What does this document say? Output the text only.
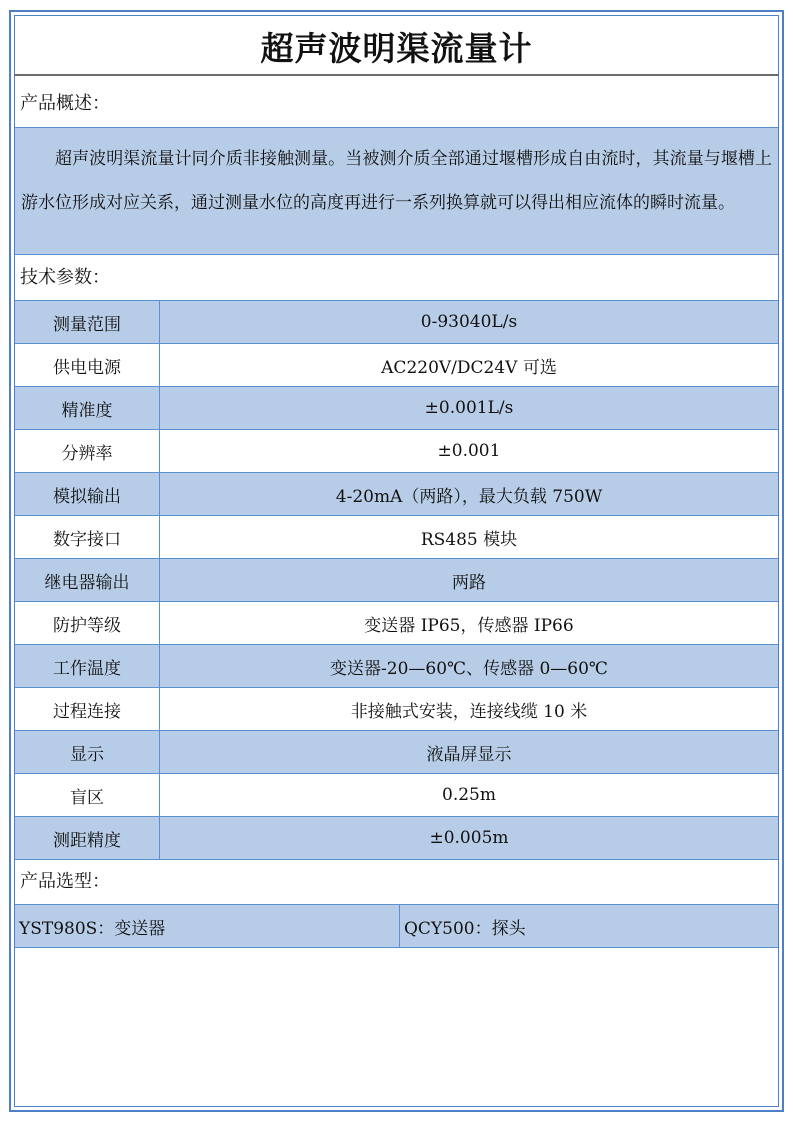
超声波明渠流量计
产品概述：
超声波明渠流量计同介质非接触测量。当被测介质全部通过堰槽形成自由流时，其流量与堰槽上游水位形成对应关系，通过测量水位的高度再进行一系列换算就可以得出相应流体的瞬时流量。
技术参数：
测量范围	0-93040L/s
供电电源	AC220V/DC24V 可选
精准度	±0.001L/s
分辨率	±0.001
模拟输出	4-20mA（两路），最大负载 750W
数字接口	RS485 模块
继电器输出	两路
防护等级	变送器 IP65，传感器 IP66
工作温度	变送器-20—60℃、传感器 0—60℃
过程连接	非接触式安装，连接线缆 10 米
显示	液晶屏显示
盲区	0.25m
测距精度	±0.005m
产品选型：
YST980S：变送器	QCY500：探头
